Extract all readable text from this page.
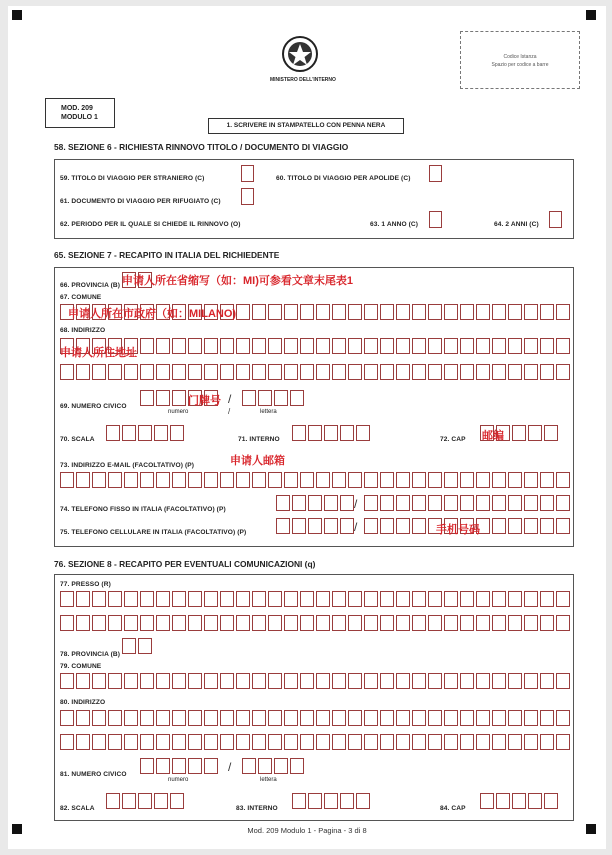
MINISTERO DELL'INTERNO
Codice Istanza
Spazio per codice a barre
MOD. 209
MODULO 1
1. SCRIVERE IN STAMPATELLO CON PENNA NERA
58. SEZIONE 6 - RICHIESTA RINNOVO TITOLO / DOCUMENTO DI VIAGGIO
59. TITOLO DI VIAGGIO PER STRANIERO (C)	60. TITOLO DI VIAGGIO PER APOLIDE (C)
61. DOCUMENTO DI VIAGGIO PER RIFUGIATO (C)
62. PERIODO PER IL QUALE SI CHIEDE IL RINNOVO (O)	63. 1 ANNO (C)	64. 2 ANNI (C)
65. SEZIONE 7 - RECAPITO IN ITALIA DEL RICHIEDENTE
66. PROVINCIA (B)
67. COMUNE
68. INDIRIZZO
69. NUMERO CIVICO
numero
/
/	lettera
70. SCALA	71. INTERNO	72. CAP
73. INDIRIZZO E-MAIL (FACOLTATIVO) (P)
74. TELEFONO FISSO IN ITALIA (FACOLTATIVO) (P)	/
75. TELEFONO CELLULARE IN ITALIA (FACOLTATIVO) (P)	/
申请人所在省缩写（如：MI)可参看文章末尾表1
申请人所在市政府（如：MILANO)
申请人所住地址
门牌号
邮编
申请人邮箱
手机号码
76. SEZIONE 8 - RECAPITO PER EVENTUALI COMUNICAZIONI (q)
77. PRESSO (R)
78. PROVINCIA (B)
79. COMUNE
80. INDIRIZZO
81. NUMERO CIVICO
numero
/
lettera
82. SCALA	83. INTERNO	84. CAP
Mod. 209 Modulo 1 - Pagina - 3 di 8
